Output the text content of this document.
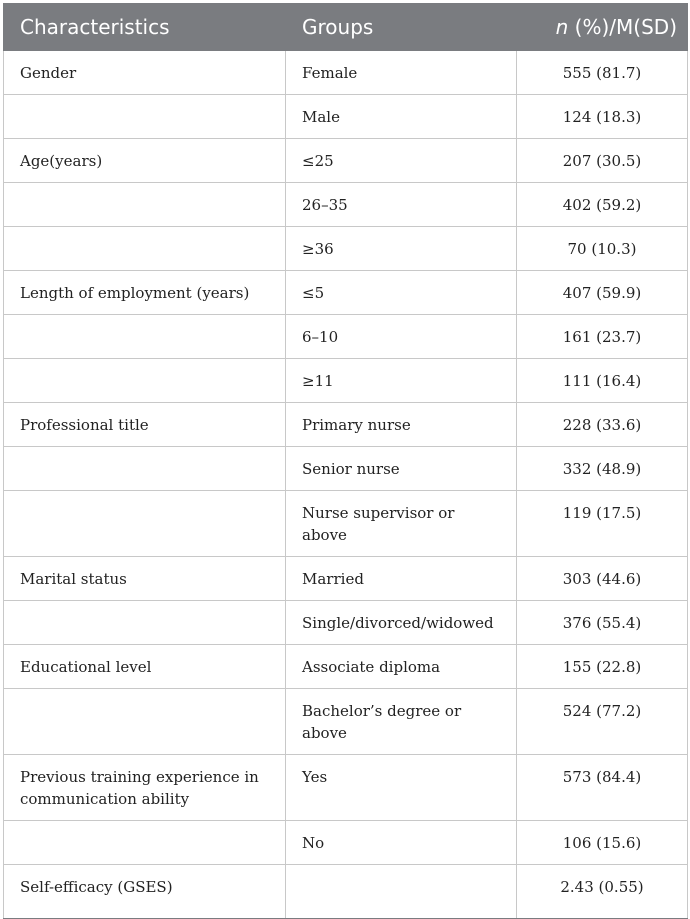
Characteristics	Groups	n (%)/M(SD)
Gender	Female	555 (81.7)
	Male	124 (18.3)
Age(years)	≤25	207 (30.5)
	26–35	402 (59.2)
	≥36	70 (10.3)
Length of employment (years)	≤5	407 (59.9)
	6–10	161 (23.7)
	≥11	111 (16.4)
Professional title	Primary nurse	228 (33.6)
	Senior nurse	332 (48.9)
	Nurse supervisor or above	119 (17.5)
Marital status	Married	303 (44.6)
	Single/divorced/widowed	376 (55.4)
Educational level	Associate diploma	155 (22.8)
	Bachelor’s degree or above	524 (77.2)
Previous training experience in communication ability	Yes	573 (84.4)
	No	106 (15.6)
Self-efficacy (GSES)		2.43 (0.55)
